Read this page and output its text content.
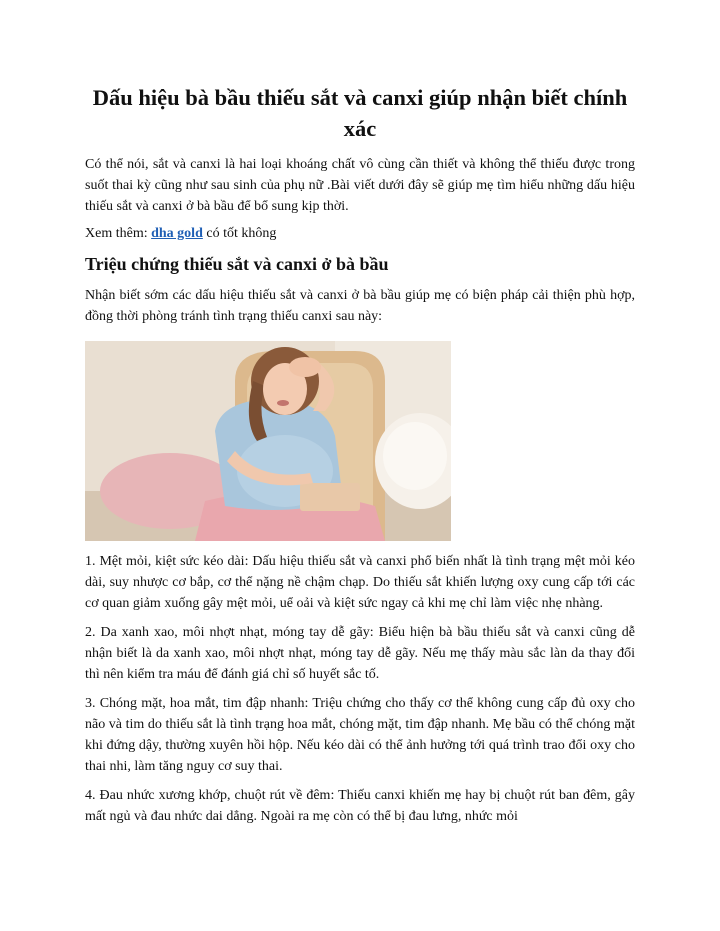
Dấu hiệu bà bầu thiếu sắt và canxi giúp nhận biết chính xác

Có thể nói, sắt và canxi là hai loại khoáng chất vô cùng cần thiết và không thể thiếu được trong suốt thai kỳ cũng như sau sinh của phụ nữ .Bài viết dưới đây sẽ giúp mẹ tìm hiểu những dấu hiệu thiếu sắt và canxi ở bà bầu để bổ sung kịp thời.

Xem thêm: dha gold có tốt không

Triệu chứng thiếu sắt và canxi ở bà bầu

Nhận biết sớm các dấu hiệu thiếu sắt và canxi ở bà bầu giúp mẹ có biện pháp cải thiện phù hợp, đồng thời phòng tránh tình trạng thiếu canxi sau này:

1. Mệt mỏi, kiệt sức kéo dài: Dấu hiệu thiếu sắt và canxi phổ biến nhất là tình trạng mệt mỏi kéo dài, suy nhược cơ bắp, cơ thể nặng nề chậm chạp. Do thiếu sắt khiến lượng oxy cung cấp tới các cơ quan giảm xuống gây mệt mỏi, uể oải và kiệt sức ngay cả khi mẹ chỉ làm việc nhẹ nhàng.

2. Da xanh xao, môi nhợt nhạt, móng tay dễ gãy: Biểu hiện bà bầu thiếu sắt và canxi cũng dễ nhận biết là da xanh xao, môi nhợt nhạt, móng tay dễ gãy. Nếu mẹ thấy màu sắc làn da thay đổi thì nên kiểm tra máu để đánh giá chỉ số huyết sắc tố.

3. Chóng mặt, hoa mắt, tim đập nhanh: Triệu chứng cho thấy cơ thể không cung cấp đủ oxy cho não và tim do thiếu sắt là tình trạng hoa mắt, chóng mặt, tim đập nhanh. Mẹ bầu có thể chóng mặt khi đứng dậy, thường xuyên hồi hộp. Nếu kéo dài có thể ảnh hưởng tới quá trình trao đổi oxy cho thai nhi, làm tăng nguy cơ suy thai.

4. Đau nhức xương khớp, chuột rút về đêm: Thiếu canxi khiến mẹ hay bị chuột rút ban đêm, gây mất ngủ và đau nhức dai dẳng. Ngoài ra mẹ còn có thể bị đau lưng, nhức mỏi
